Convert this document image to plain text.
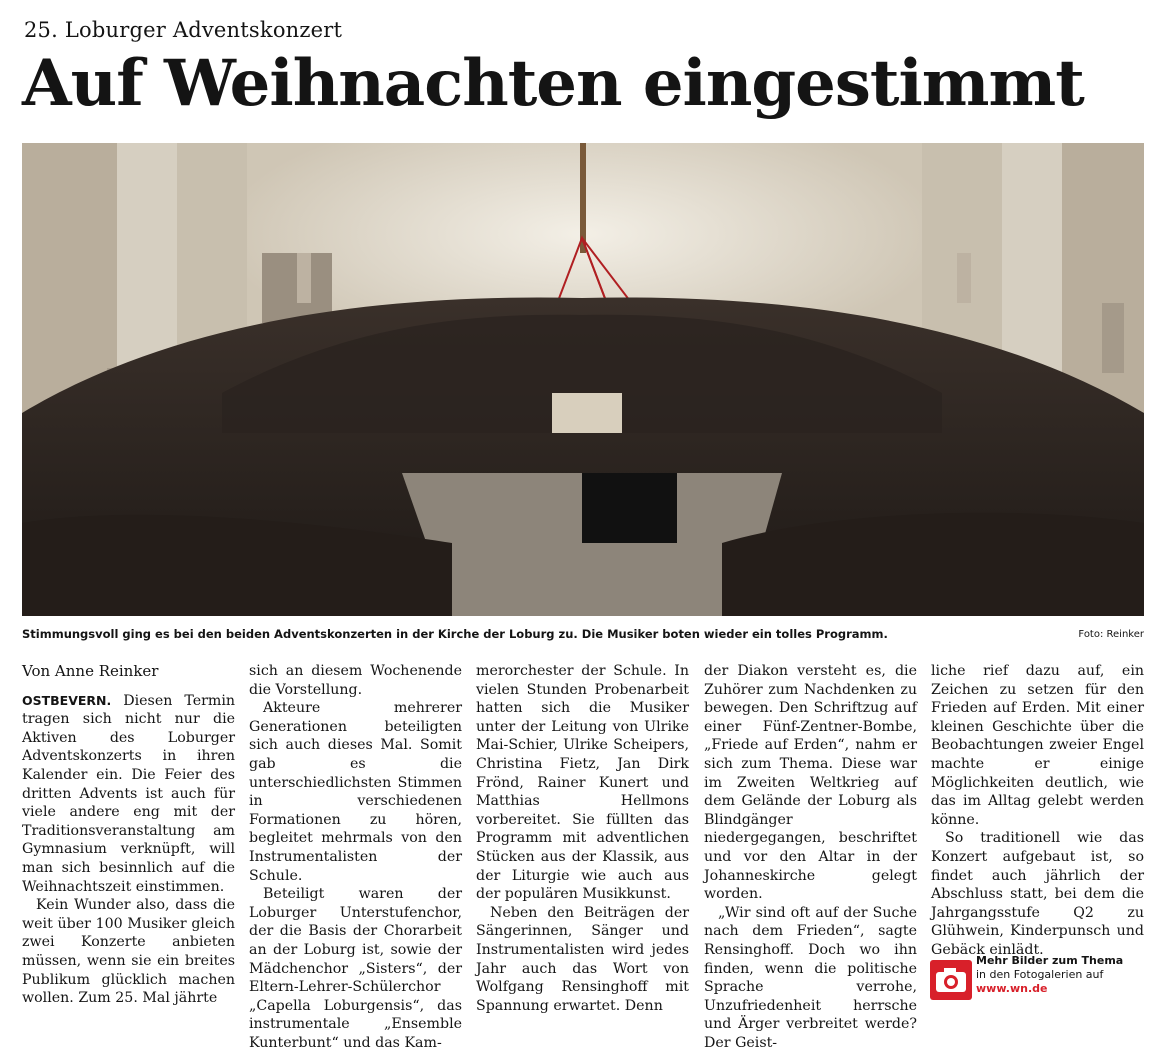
25. Loburger Adventskonzert
Auf Weihnachten eingestimmt
Stimmungsvoll ging es bei den beiden Adventskonzerten in der Kirche der Loburg zu. Die Musiker boten wieder ein tolles Programm.	Foto: Reinker
Von Anne Reinker

OSTBEVERN. Diesen Termin tragen sich nicht nur die Aktiven des Loburger Adventskonzerts in ihren Kalender ein. Die Feier des dritten Advents ist auch für viele andere eng mit der Traditionsveranstaltung am Gymnasium verknüpft, will man sich besinnlich auf die Weihnachtszeit einstimmen.

Kein Wunder also, dass die weit über 100 Musiker gleich zwei Konzerte anbieten müssen, wenn sie ein breites Publikum glücklich machen wollen. Zum 25. Mal jährte

sich an diesem Wochenende die Vorstellung.

Akteure mehrerer Generationen beteiligten sich auch dieses Mal. Somit gab es die unterschiedlichsten Stimmen in verschiedenen Formationen zu hören, begleitet mehrmals von den Instrumentalisten der Schule.

Beteiligt waren der Loburger Unterstufenchor, der die Basis der Chorarbeit an der Loburg ist, sowie der Mädchenchor „Sisters“, der Eltern-Lehrer-Schülerchor „Capella Loburgensis“, das instrumentale „Ensemble Kunterbunt“ und das Kam-

merorchester der Schule. In vielen Stunden Probenarbeit hatten sich die Musiker unter der Leitung von Ulrike Mai-Schier, Ulrike Scheipers, Christina Fietz, Jan Dirk Frönd, Rainer Kunert und Matthias Hellmons vorbereitet. Sie füllten das Programm mit adventlichen Stücken aus der Klassik, aus der Liturgie wie auch aus der populären Musikkunst.

Neben den Beiträgen der Sängerinnen, Sänger und Instrumentalisten wird jedes Jahr auch das Wort von Wolfgang Rensinghoff mit Spannung erwartet. Denn

der Diakon versteht es, die Zuhörer zum Nachdenken zu bewegen. Den Schriftzug auf einer Fünf-Zentner-Bombe, „Friede auf Erden“, nahm er sich zum Thema. Diese war im Zweiten Weltkrieg auf dem Gelände der Loburg als Blindgänger niedergegangen, beschriftet und vor den Altar in der Johanneskirche gelegt worden.

„Wir sind oft auf der Suche nach dem Frieden“, sagte Rensinghoff. Doch wo ihn finden, wenn die politische Sprache verrohe, Unzufriedenheit herrsche und Ärger verbreitet werde? Der Geist-

liche rief dazu auf, ein Zeichen zu setzen für den Frieden auf Erden. Mit einer kleinen Geschichte über die Beobachtungen zweier Engel machte er einige Möglichkeiten deutlich, wie das im Alltag gelebt werden könne.

So traditionell wie das Konzert aufgebaut ist, so findet auch jährlich der Abschluss statt, bei dem die Jahrgangsstufe Q2 zu Glühwein, Kinderpunsch und Gebäck einlädt.

Mehr Bilder zum Thema
in den Fotogalerien auf
www.wn.de
